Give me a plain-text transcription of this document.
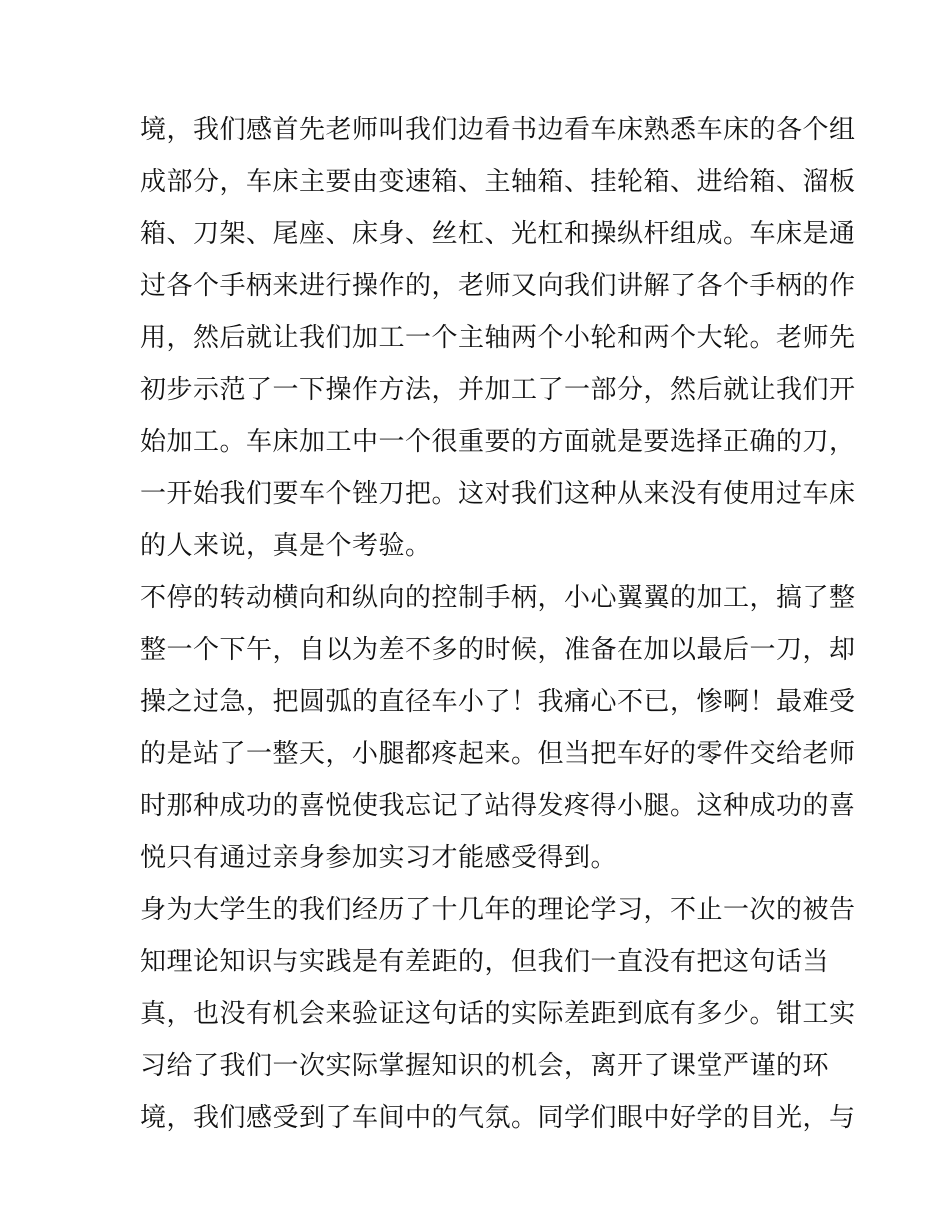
境，我们感首先老师叫我们边看书边看车床熟悉车床的各个组
成部分，车床主要由变速箱、主轴箱、挂轮箱、进给箱、溜板
箱、刀架、尾座、床身、丝杠、光杠和操纵杆组成。车床是通
过各个手柄来进行操作的，老师又向我们讲解了各个手柄的作
用，然后就让我们加工一个主轴两个小轮和两个大轮。老师先
初步示范了一下操作方法，并加工了一部分，然后就让我们开
始加工。车床加工中一个很重要的方面就是要选择正确的刀，
一开始我们要车个锉刀把。这对我们这种从来没有使用过车床
的人来说，真是个考验。
不停的转动横向和纵向的控制手柄，小心翼翼的加工，搞了整
整一个下午，自以为差不多的时候，准备在加以最后一刀，却
操之过急，把圆弧的直径车小了！我痛心不已，惨啊！最难受
的是站了一整天，小腿都疼起来。但当把车好的零件交给老师
时那种成功的喜悦使我忘记了站得发疼得小腿。这种成功的喜
悦只有通过亲身参加实习才能感受得到。
身为大学生的我们经历了十几年的理论学习，不止一次的被告
知理论知识与实践是有差距的，但我们一直没有把这句话当
真，也没有机会来验证这句话的实际差距到底有多少。钳工实
习给了我们一次实际掌握知识的机会，离开了课堂严谨的环
境，我们感受到了车间中的气氛。同学们眼中好学的目光，与
